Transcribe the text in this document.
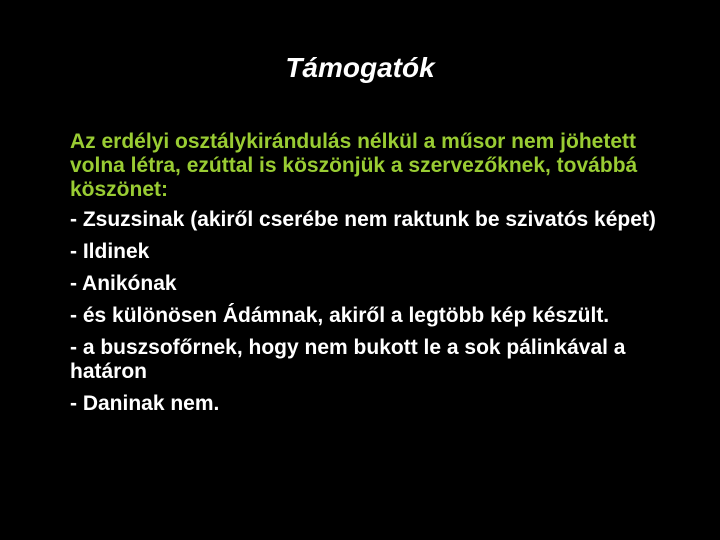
Támogatók

Az erdélyi osztálykirándulás nélkül a műsor nem jöhetett volna létra, ezúttal is köszönjük a szervezőknek, továbbá köszönet:

- Zsuzsinak (akiről cserébe nem raktunk be szivatós képet)
- Ildinek
- Anikónak
- és különösen Ádámnak, akiről a legtöbb kép készült.
- a buszsofőrnek, hogy nem bukott le a sok pálinkával a határon
- Daninak nem.
